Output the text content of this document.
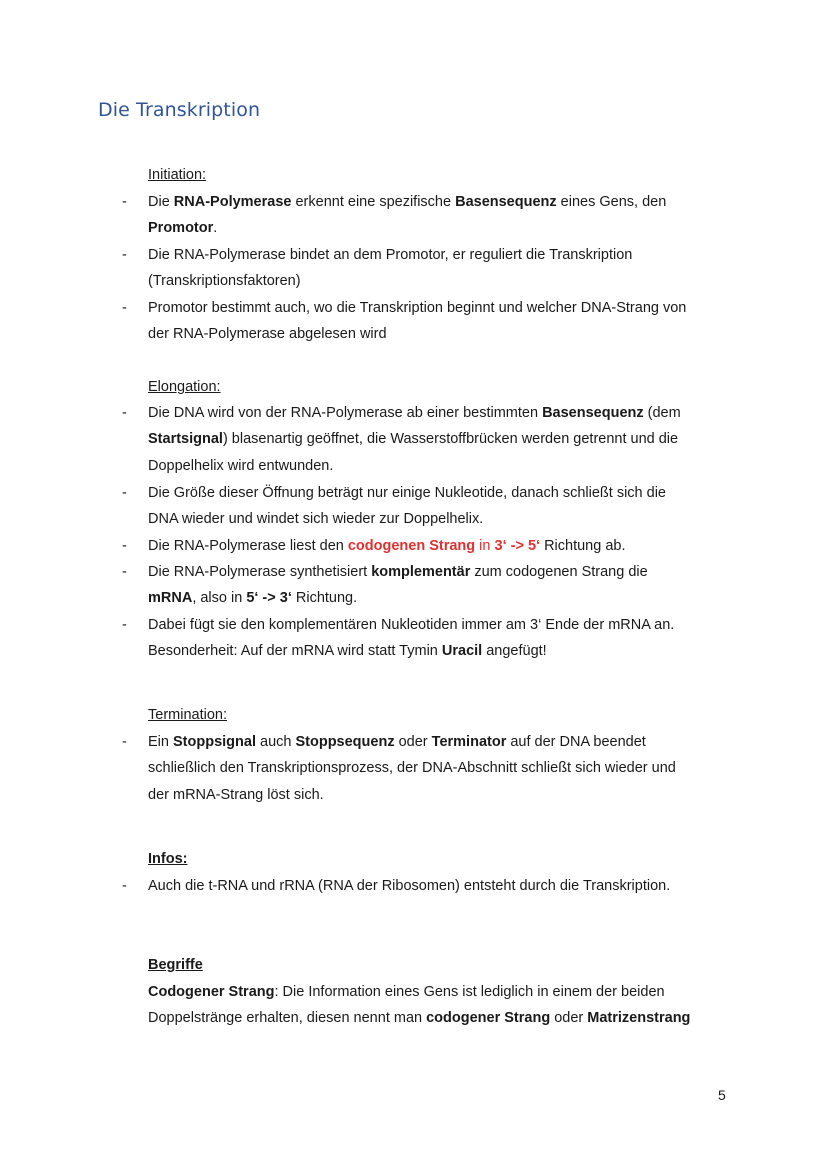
Die Transkription

Initiation:

-	Die RNA-Polymerase erkennt eine spezifische Basensequenz eines Gens, den
Promotor.

-	Die RNA-Polymerase bindet an dem Promotor, er reguliert die Transkription
(Transkriptionsfaktoren)

-	Promotor bestimmt auch, wo die Transkription beginnt und welcher DNA-Strang von
der RNA-Polymerase abgelesen wird

Elongation:

-	Die DNA wird von der RNA-Polymerase ab einer bestimmten Basensequenz (dem
Startsignal) blasenartig geöffnet, die Wasserstoffbrücken werden getrennt und die
Doppelhelix wird entwunden.

-	Die Größe dieser Öffnung beträgt nur einige Nukleotide, danach schließt sich die
DNA wieder und windet sich wieder zur Doppelhelix.

-	Die RNA-Polymerase liest den codogenen Strang in 3‘ -> 5‘ Richtung ab.

-	Die RNA-Polymerase synthetisiert komplementär zum codogenen Strang die
mRNA, also in 5‘ -> 3‘ Richtung.

-	Dabei fügt sie den komplementären Nukleotiden immer am 3‘ Ende der mRNA an.
Besonderheit: Auf der mRNA wird statt Tymin Uracil angefügt!

Termination:

-	Ein Stoppsignal auch Stoppsequenz oder Terminator auf der DNA beendet
schließlich den Transkriptionsprozess, der DNA-Abschnitt schließt sich wieder und
der mRNA-Strang löst sich.

Infos:

-	Auch die t-RNA und rRNA (RNA der Ribosomen) entsteht durch die Transkription.

Begriffe

Codogener Strang: Die Information eines Gens ist lediglich in einem der beiden
Doppelstränge erhalten, diesen nennt man codogener Strang oder Matrizenstrang

5
